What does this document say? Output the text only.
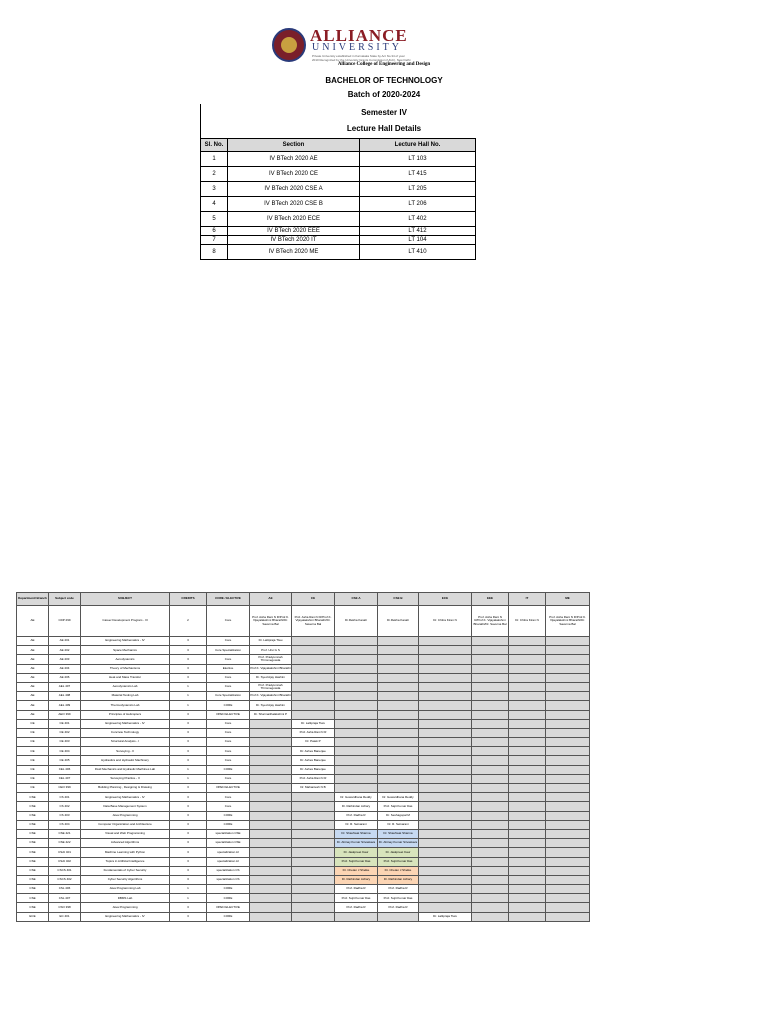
ALLIANCE
UNIVERSITY
Private University established in Karnataka State by Act No.34 of year 2010 Recognized by the University Grants Commission (UGC), New Delhi
Alliance College of Engineering and Design
BACHELOR OF TECHNOLOGY
Batch of 2020-2024
Semester IV
Lecture Hall Details
Sl. No.	Section	Lecture Hall No.
1	IV BTech 2020 AE	LT 103
2	IV BTech 2020 CE	LT 415
3	IV BTech 2020 CSE A	LT 205
4	IV BTech 2020 CSE B	LT 206
5	IV BTech 2020 ECE	LT 402
6	IV BTech 2020 EEE	LT 412
7	IV BTech 2020 IT	LT 104
8	IV BTech 2020 ME	LT 410
Department/ Branch	Subject code	SUBJECT	CREDITS	CORE / ELECTIVE	AE	CE	CSE A	CSE B	ECE	EEE	IT	ME
AE	CDP 299	Career Development Program - III	2	Core	Prof. Asha Rani N R/Prof.K. Vijayalakshmi Bharathi/Dr. Saverna Bal	Prof. Asha Rani N R/Prof.K. Vijayalakshmi Bharathi/Dr. Saverna Bal	Dr.Rekha Kanah	Dr.Rekha Kanah	Dr. Chitra Kiran N	Prof. Asha Rani N R/Prof.K. Vijayalakshmi Bharathi/Dr. Saverna Bal	Dr. Chitra Kiran N	Prof. Asha Rani N R/Prof.K. Vijayalakshmi Bharathi/Dr. Saverna Bal
AE	AE 401	Engineering Mathematics - IV	3	Core	Dr. Lalitpraja Tiwu							
AE	AE 402	Space Mechanics	3	Core Specialization	Prof. Urui G S							
AE	AE 403	Aerodynamics	3	Core	Prof. Pradyumnah Thimmegowda							
AE	AE 404	Theory of Mechanisms	3	Elective	Prof.K. Vijayalakshmi Bharathi							
AE	AE 406	Heat and Mass Transfer	3	Core	Dr. Syed Ajay Hashim							
AE	AEL 407	Aerodynamics Lab	1	Core	Prof. Pradyumnah Thimmegowda							
AE	AEL 408	Material Testing Lab	1	Core Specialization	Prof.K. Vijayalakshmi Bharathi							
AE	AEL 409	Thermodynamics Lab	1	CORE	Dr. Syed Ajay Hashim							
AE	AEO 399	Principles of Helicopters	3	OPEN ELECTIVE	Dr. Sharmaithalakshmi P							
CE	CE 401	Engineering Mathematics - IV	3	Core		Dr. Lalitpraja Tiwu						
CE	CE 402	Concrete Technology	3	Core		Prof. Asha Rani N R						
CE	CE 403	Structural Analysis - I	3	Core		Dr. Patek P						
CE	CE 404	Surveying - II	3	Core		Dr. Ashes Banerjee						
CE	CE 405	Hydraulics and Hydraulic Machinery	3	Core		Dr. Ashes Banerjee						
CE	CEL 406	Fluid Mechanics and Hydraulic Machines Lab	1	CORE		Dr. Ashes Banerjee						
CE	CEL 407	Surveying Practice - II	1	Core		Prof. Asha Rani N R						
CE	CEO 399	Building Planning , Designing & Drawing	3	OPEN ELECTIVE		Dr. Mahantesh N B						
CSE	CS 401	Engineering Mathematics - IV	3	Core			Dr. Gowardhana Reddy	Dr. Gowardhana Reddy				
CSE	CS 402	Data Base Management System	3	Core			Dr. Rathindan Achary	Prof. Sajit Kumar Das				
CSE	CS 403	Java Programming	3	CORE			Prof. Radha R	Dr. Seshagopal M				
CSE	CS 404	Computer Organization and Architecture	3	CORE			Dr. R. Selvarani	Dr. R. Selvarani				
CSE	CSE 421	Visual and Web Programming	3	specialization CSE			Dr. Shashwat Sharma	Dr. Shashwat Sharma				
CSE	CSE 422	Advanced Algorithms	3	specialization CSE			Dr. Abinay Kumar Srivastava	Dr. Abinay Kumar Srivastava				
CSE	CSAI 401	Machine Learning with Python	3	specialization AI			Dr. Jaskpreet Kaur	Dr. Jaskpreet Kaur				
CSE	CSAI 402	Topics in Artificial Intelligence	3	specialization AI			Prof. Sujit Kumar Das	Prof. Sujit Kumar Das				
CSE	CSCS 401	Fundamentals of Cyber Security	3	specialization CS			Dr. Chetan J Shelke	Dr. Chetan J Shelke				
CSE	CSCS 402	Cyber Security Algorithms	3	specialization CS			Dr. Rathindan Achary	Dr. Rathindan Achary				
CSE	CSL 406	Java Programming Lab	1	CORE			Prof. Radha R	Prof. Radha R				
CSE	CSL 407	DBMS Lab	1	CORE			Prof. Sujit Kumar Das	Prof. Sujit Kumar Das				
CSE	CSO 398	Java Programming	3	OPEN ELECTIVE			Prof. Radha R	Prof. Radha R				
ECE	EC 401	Engineering Mathematics - IV	3	CORE					Dr. Lalitpraja Tiwu			
